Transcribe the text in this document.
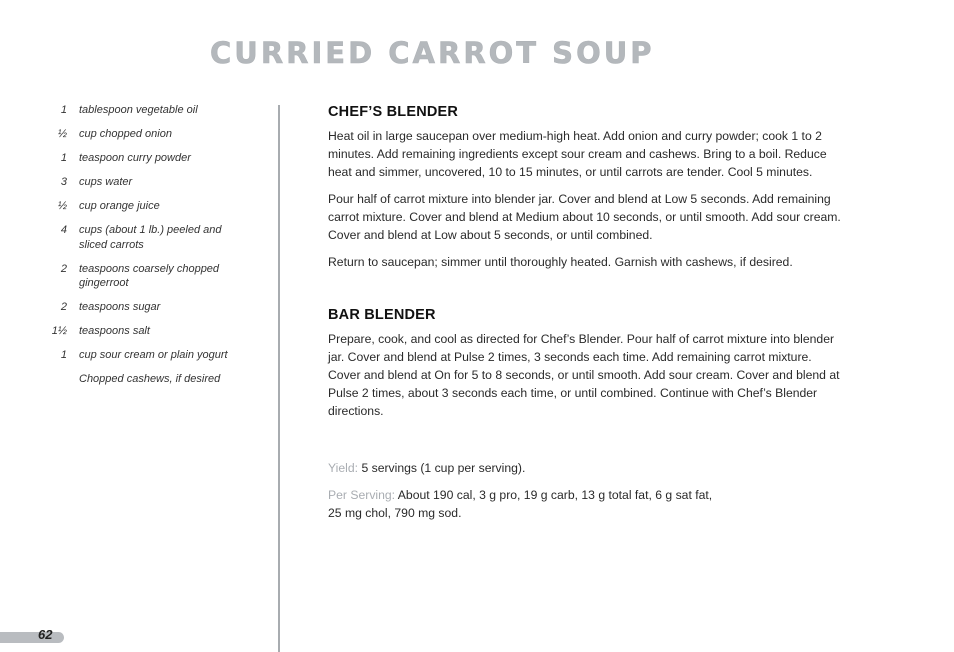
CURRIED CARROT SOUP
1	tablespoon vegetable oil
½	cup chopped onion
1	teaspoon curry powder
3	cups water
½	cup orange juice
4	cups (about 1 lb.) peeled and sliced carrots
2	teaspoons coarsely chopped gingerroot
2	teaspoons sugar
1½	teaspoons salt
1	cup sour cream or plain yogurt
Chopped cashews, if desired
CHEF’S BLENDER

Heat oil in large saucepan over medium-high heat. Add onion and curry powder; cook 1 to 2 minutes. Add remaining ingredients except sour cream and cashews. Bring to a boil. Reduce heat and simmer, uncovered, 10 to 15 minutes, or until carrots are tender. Cool 5 minutes.

Pour half of carrot mixture into blender jar. Cover and blend at Low 5 seconds. Add remaining carrot mixture. Cover and blend at Medium about 10 seconds, or until smooth. Add sour cream. Cover and blend at Low about 5 seconds, or until combined.

Return to saucepan; simmer until thoroughly heated. Garnish with cashews, if desired.

BAR BLENDER

Prepare, cook, and cool as directed for Chef’s Blender. Pour half of carrot mixture into blender jar. Cover and blend at Pulse 2 times, 3 seconds each time. Add remaining carrot mixture. Cover and blend at On for 5 to 8 seconds, or until smooth. Add sour cream. Cover and blend at Pulse 2 times, about 3 seconds each time, or until combined. Continue with Chef’s Blender directions.

Yield: 5 servings (1 cup per serving).

Per Serving: About 190 cal, 3 g pro, 19 g carb, 13 g total fat, 6 g sat fat,
25 mg chol, 790 mg sod.

62
